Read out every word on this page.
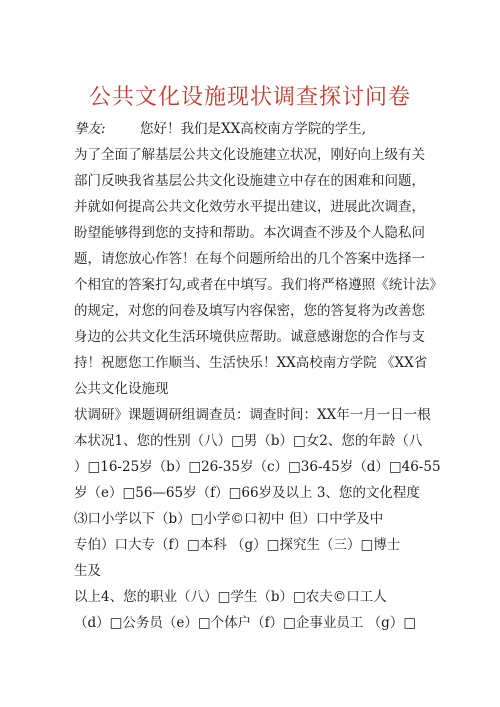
公共文化设施现状调查探讨问卷
挚友:	您好！我们是XX高校南方学院的学生,
为了全面了解基层公共文化设施建立状况，刚好向上级有关
部门反映我省基层公共文化设施建立中存在的困难和问题，
并就如何提高公共文化效劳水平提出建议，进展此次调查，
盼望能够得到您的支持和帮助。本次调查不涉及个人隐私问
题，请您放心作答！在每个问题所给出的几个答案中选择一
个相宜的答案打勾,或者在中填写。我们将严格遵照《统计法》
的规定，对您的问卷及填写内容保密，您的答复将为改善您
身边的公共文化生活环境供应帮助。诚意感谢您的合作与支
持！祝愿您工作顺当、生活快乐！XX高校南方学院 《XX省
公共文化设施现
状调研》课题调研组调查员：调查时间：XX年一月一日一根
本状况1、您的性别（八）□男（b）□女2、您的年龄（八
）□16-25岁（b）□26-35岁（c）□36-45岁（d）□46-55
岁（e）□56—65岁（f）□66岁及以上 3、您的文化程度
⑶口小学以下（b）□小学©口初中 但）口中学及中
专伯）口大专（f）□本科 （g）□探究生（三）□博士
生及
以上4、您的职业（八）□学生（b）□农夫©口工人
（d）□公务员（e）□个体户（f）□企事业员工 （g）□
